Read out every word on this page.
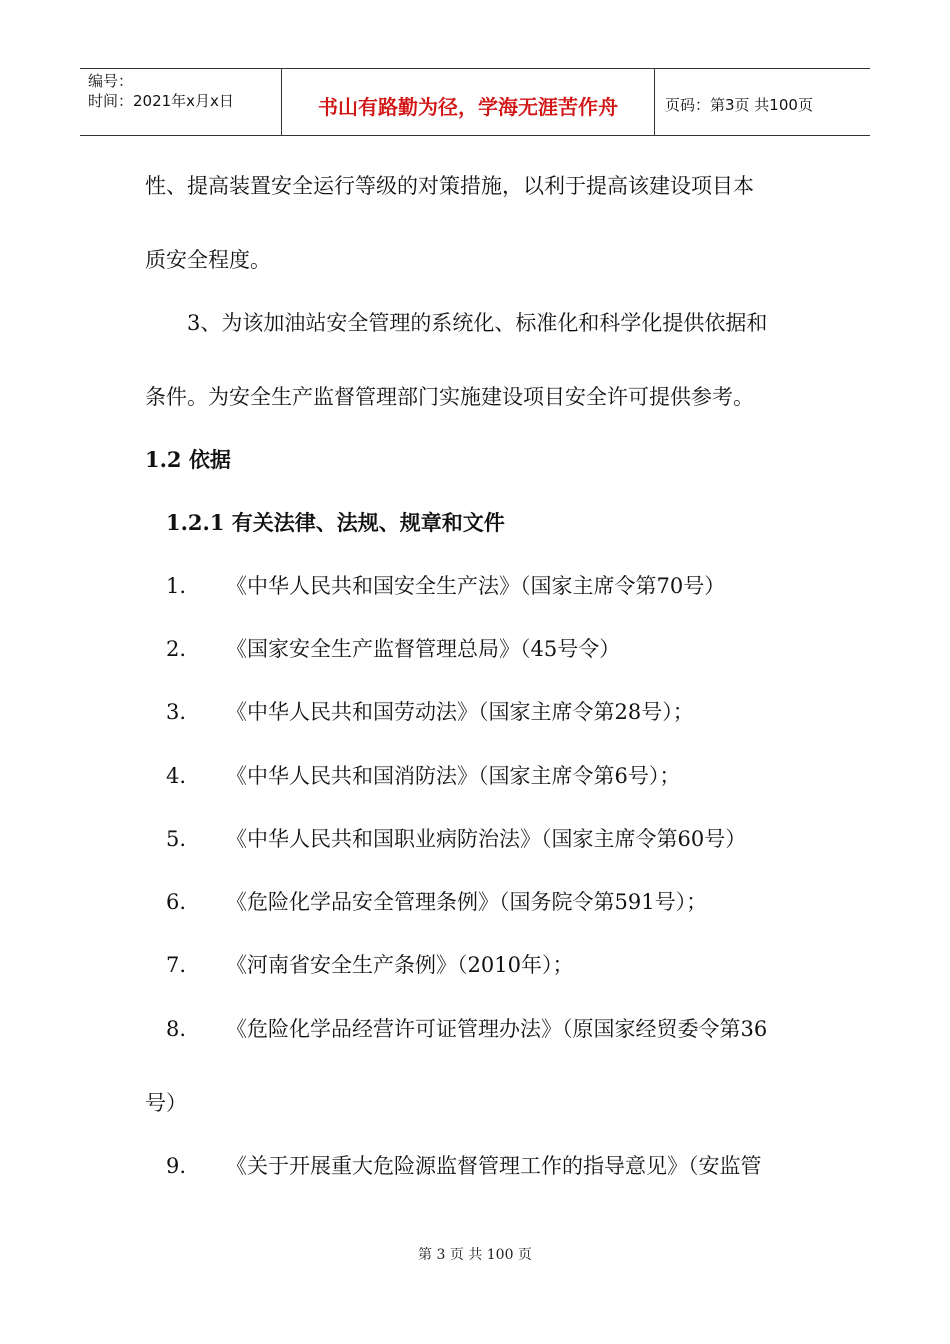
编号：
时间：2021年x月x日	书山有路勤为径，学海无涯苦作舟	页码：第3页 共100页
性、提高装置安全运行等级的对策措施，以利于提高该建设项目本
质安全程度。
3、为该加油站安全管理的系统化、标准化和科学化提供依据和
条件。为安全生产监督管理部门实施建设项目安全许可提供参考。
1.2 依据
1.2.1 有关法律、法规、规章和文件
1. 《中华人民共和国安全生产法》（国家主席令第70号）
2. 《国家安全生产监督管理总局》（45号令）
3. 《中华人民共和国劳动法》（国家主席令第28号）；
4. 《中华人民共和国消防法》（国家主席令第6号）；
5. 《中华人民共和国职业病防治法》（国家主席令第60号）
6. 《危险化学品安全管理条例》（国务院令第591号）；
7. 《河南省安全生产条例》（2010年）；
8. 《危险化学品经营许可证管理办法》（原国家经贸委令第36
号）
9. 《关于开展重大危险源监督管理工作的指导意见》（安监管
第 3 页 共 100 页
